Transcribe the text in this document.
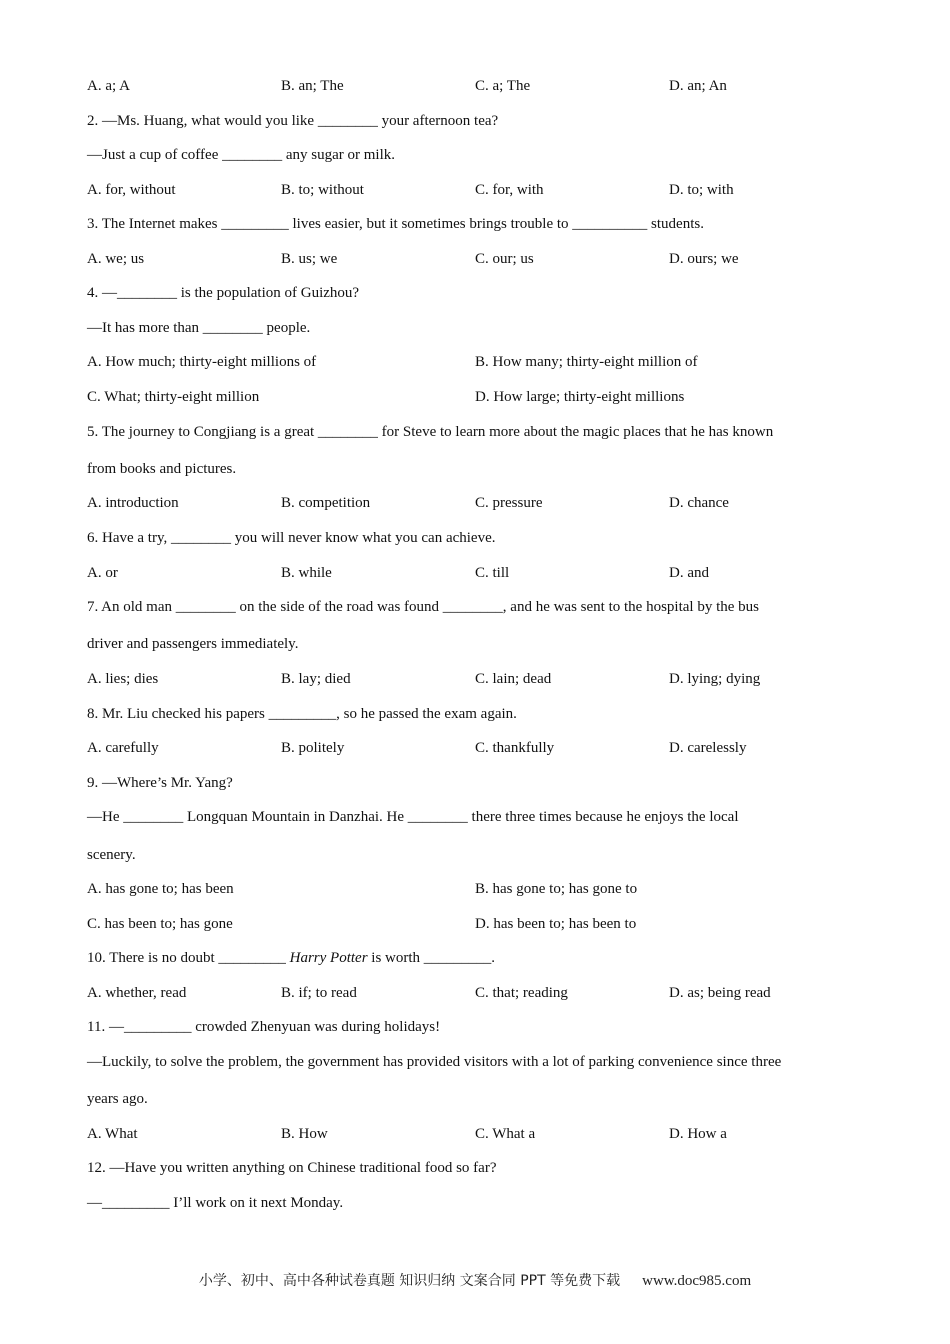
A. a; A	B. an; The	C. a; The	D. an; An
2. —Ms. Huang, what would you like ________ your afternoon tea?
—Just a cup of coffee ________ any sugar or milk.
A. for, without	B. to; without	C. for, with	D. to; with
3. The Internet makes _________ lives easier, but it sometimes brings trouble to __________ students.
A. we; us	B. us; we	C. our; us	D. ours; we
4. —________ is the population of Guizhou?
—It has more than ________ people.
A. How much; thirty-eight millions of	B. How many; thirty-eight million of
C. What; thirty-eight million	D. How large; thirty-eight millions
5. The journey to Congjiang is a great ________ for Steve to learn more about the magic places that he has known
from books and pictures.
A. introduction	B. competition	C. pressure	D. chance
6. Have a try, ________ you will never know what you can achieve.
A. or	B. while	C. till	D. and
7. An old man ________ on the side of the road was found ________, and he was sent to the hospital by the bus
driver and passengers immediately.
A. lies; dies	B. lay; died	C. lain; dead	D. lying; dying
8. Mr. Liu checked his papers _________, so he passed the exam again.
A. carefully	B. politely	C. thankfully	D. carelessly
9. —Where’s Mr. Yang?
—He ________ Longquan Mountain in Danzhai. He ________ there three times because he enjoys the local
scenery.
A. has gone to; has been	B. has gone to; has gone to
C. has been to; has gone	D. has been to; has been to
10. There is no doubt _________ Harry Potter is worth _________.
A. whether, read	B. if; to read	C. that; reading	D. as; being read
11. —_________ crowded Zhenyuan was during holidays!
—Luckily, to solve the problem, the government has provided visitors with a lot of parking convenience since three
years ago.
A. What	B. How	C. What a	D. How a
12. —Have you written anything on Chinese traditional food so far?
—_________ I’ll work on it next Monday.
小学、初中、高中各种试卷真题 知识归纳 文案合同 PPT 等免费下载 www.doc985.com
